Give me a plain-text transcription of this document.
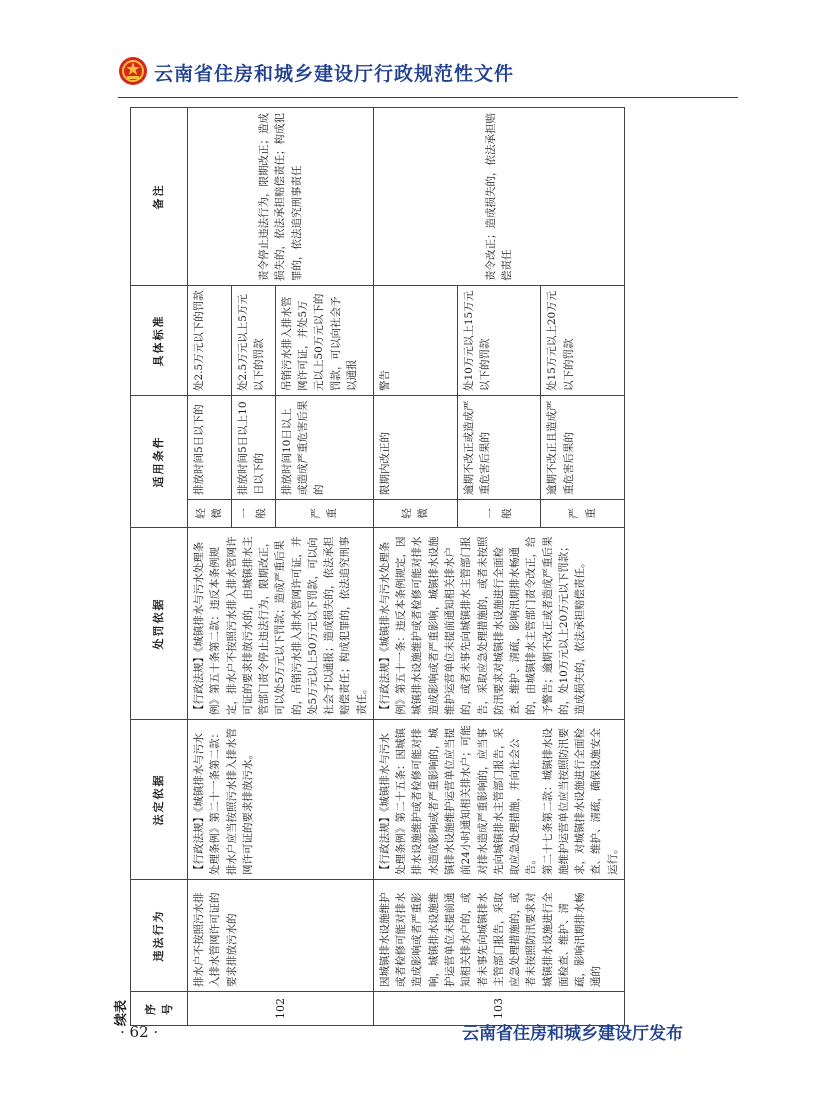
云南省住房和城乡建设厅行政规范性文件
续表 序号	违法行为	法定依据	处罚依据	适用条件		具体标准	备注
102	排水户不按照污水排入排水管网许可证的要求排放污水的	【行政法规】《城镇排水与污水处理条例》第二十一条第二款：排水户应当按照污水排入排水管网许可证的要求排放污水。	【行政法规】《城镇排水与污水处理条例》第五十条第二款：违反本条例规定，排水户不按照污水排入排水管网许可证的要求排放污水的，由城镇排水主管部门责令停止违法行为，限期改正，可以处5万元以下罚款；造成严重后果的，吊销污水排入排水管网许可证，并处5万元以上50万元以下罚款，可以向社会予以通报；造成损失的，依法承担赔偿责任；构成犯罪的，依法追究刑事责任。	轻微	排放时间5日以下的	处2.5万元以下的罚款	责令停止违法行为，限期改正；造成损失的，依法承担赔偿责任；构成犯罪的，依法追究刑事责任

				一般	排放时间5日以上10日以下的	处2.5万元以上5万元以下的罚款	
				严重	排放时间10日以上或造成严重危害后果的	吊销污水排入排水管网许可证，并处5万元以上50万元以下的罚款，可以向社会予以通报	
103	因城镇排水设施维护或者检修可能对排水造成影响或者严重影响，城镇排水设施维护运营单位未提前通知相关排水户的，或者未事先向城镇排水主管部门报告，采取应急处理措施的，或者未按照防汛要求对城镇排水设施进行全面检查、维护、清疏，影响汛期排水畅通的	【行政法规】《城镇排水与污水处理条例》第二十五条：因城镇排水设施维护或者检修可能对排水造成影响或者严重影响的，城镇排水设施维护运营单位应当提前24小时通知相关排水户；可能对排水造成严重影响的，应当事先向城镇排水主管部门报告，采取应急处理措施，并向社会公告。
第二十七条第二款：城镇排水设施维护运营单位应当按照防汛要求，对城镇排水设施进行全面检查、维护、清疏，确保设施安全运行。	【行政法规】《城镇排水与污水处理条例》第五十一条：违反本条例规定，因城镇排水设施维护或者检修可能对排水造成影响或者严重影响，城镇排水设施维护运营单位未提前通知相关排水户的，或者未事先向城镇排水主管部门报告，采取应急处理措施的，或者未按照防汛要求对城镇排水设施进行全面检查、维护、清疏，影响汛期排水畅通的，由城镇排水主管部门责令改正，给予警告；逾期不改正或者造成严重后果的，处10万元以上20万元以下罚款；造成损失的，依法承担赔偿责任。	轻微	限期内改正的	警告	责令改正；造成损失的，依法承担赔偿责任

				一般	逾期不改正或造成严重危害后果的	处10万元以上15万元以下的罚款	
				严重	逾期不改正且造成严重危害后果的	处15万元以上20万元以下的罚款	
· 62 ·	云南省住房和城乡建设厅发布
